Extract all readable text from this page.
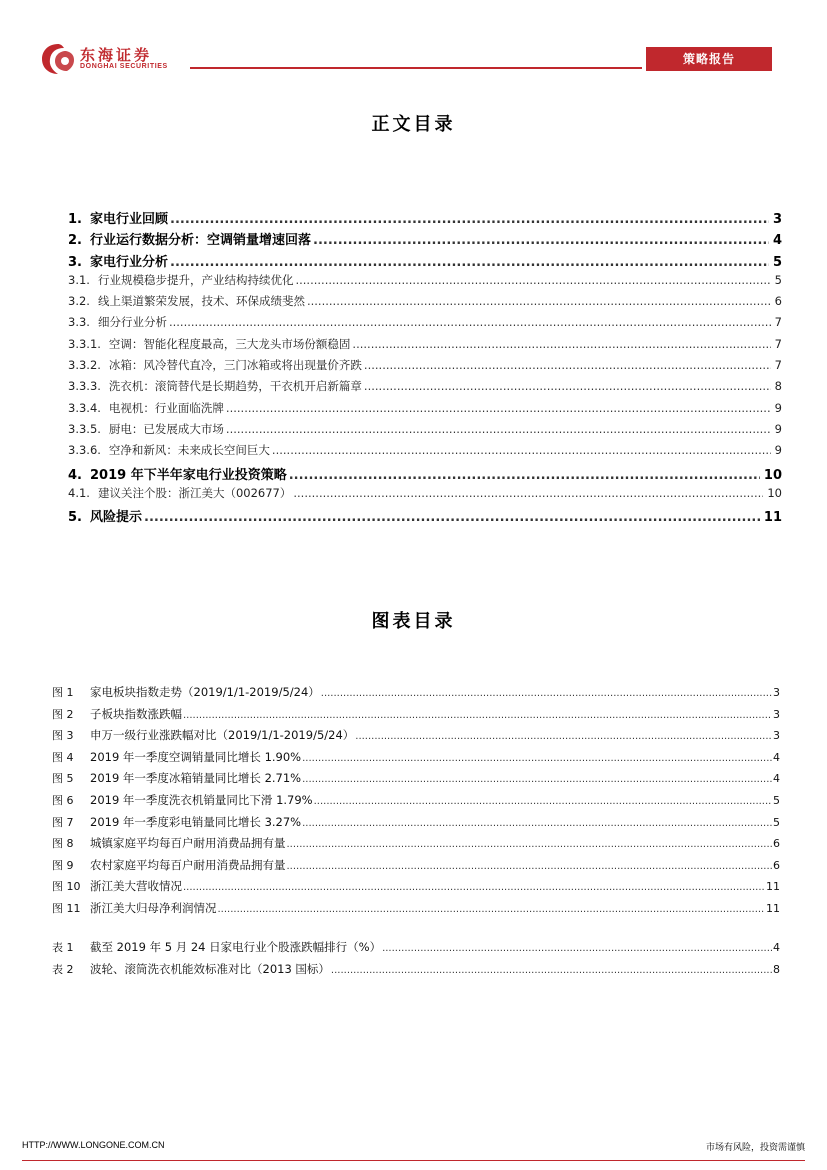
东海证券
DONGHAI SECURITIES
策略报告
正文目录
1. 家电行业回顾 .....	3
2. 行业运行数据分析：空调销量增速回落 .....	4
3. 家电行业分析 .....	5
3.1. 行业规模稳步提升，产业结构持续优化 .....	5
3.2. 线上渠道繁荣发展，技术、环保成绩斐然 .....	6
3.3. 细分行业分析 .....	7
3.3.1. 空调：智能化程度最高，三大龙头市场份额稳固 .....	7
3.3.2. 冰箱：风冷替代直冷，三门冰箱或将出现量价齐跌 .....	7
3.3.3. 洗衣机：滚筒替代是长期趋势，干衣机开启新篇章 .....	8
3.3.4. 电视机：行业面临洗牌 .....	9
3.3.5. 厨电：已发展成大市场 .....	9
3.3.6. 空净和新风：未来成长空间巨大 .....	9
4. 2019 年下半年家电行业投资策略 .....	10
4.1. 建议关注个股：浙江美大（002677） .....	10
5. 风险提示 .....	11
图表目录
图 1	家电板块指数走势（2019/1/1-2019/5/24） .....	3
图 2	子板块指数涨跌幅 .....	3
图 3	申万一级行业涨跌幅对比（2019/1/1-2019/5/24） .....	3
图 4	2019 年一季度空调销量同比增长 1.90% .....	4
图 5	2019 年一季度冰箱销量同比增长 2.71% .....	4
图 6	2019 年一季度洗衣机销量同比下滑 1.79% .....	5
图 7	2019 年一季度彩电销量同比增长 3.27% .....	5
图 8	城镇家庭平均每百户耐用消费品拥有量 .....	6
图 9	农村家庭平均每百户耐用消费品拥有量 .....	6
图 10 浙江美大营收情况 .....	11
图 11 浙江美大归母净利润情况 .....	11
表 1	截至 2019 年 5 月 24 日家电行业个股涨跌幅排行（%） .....	4
表 2	波轮、滚筒洗衣机能效标准对比（2013 国标） .....	8
HTTP://WWW.LONGONE.COM.CN	市场有风险，投资需谨慎
